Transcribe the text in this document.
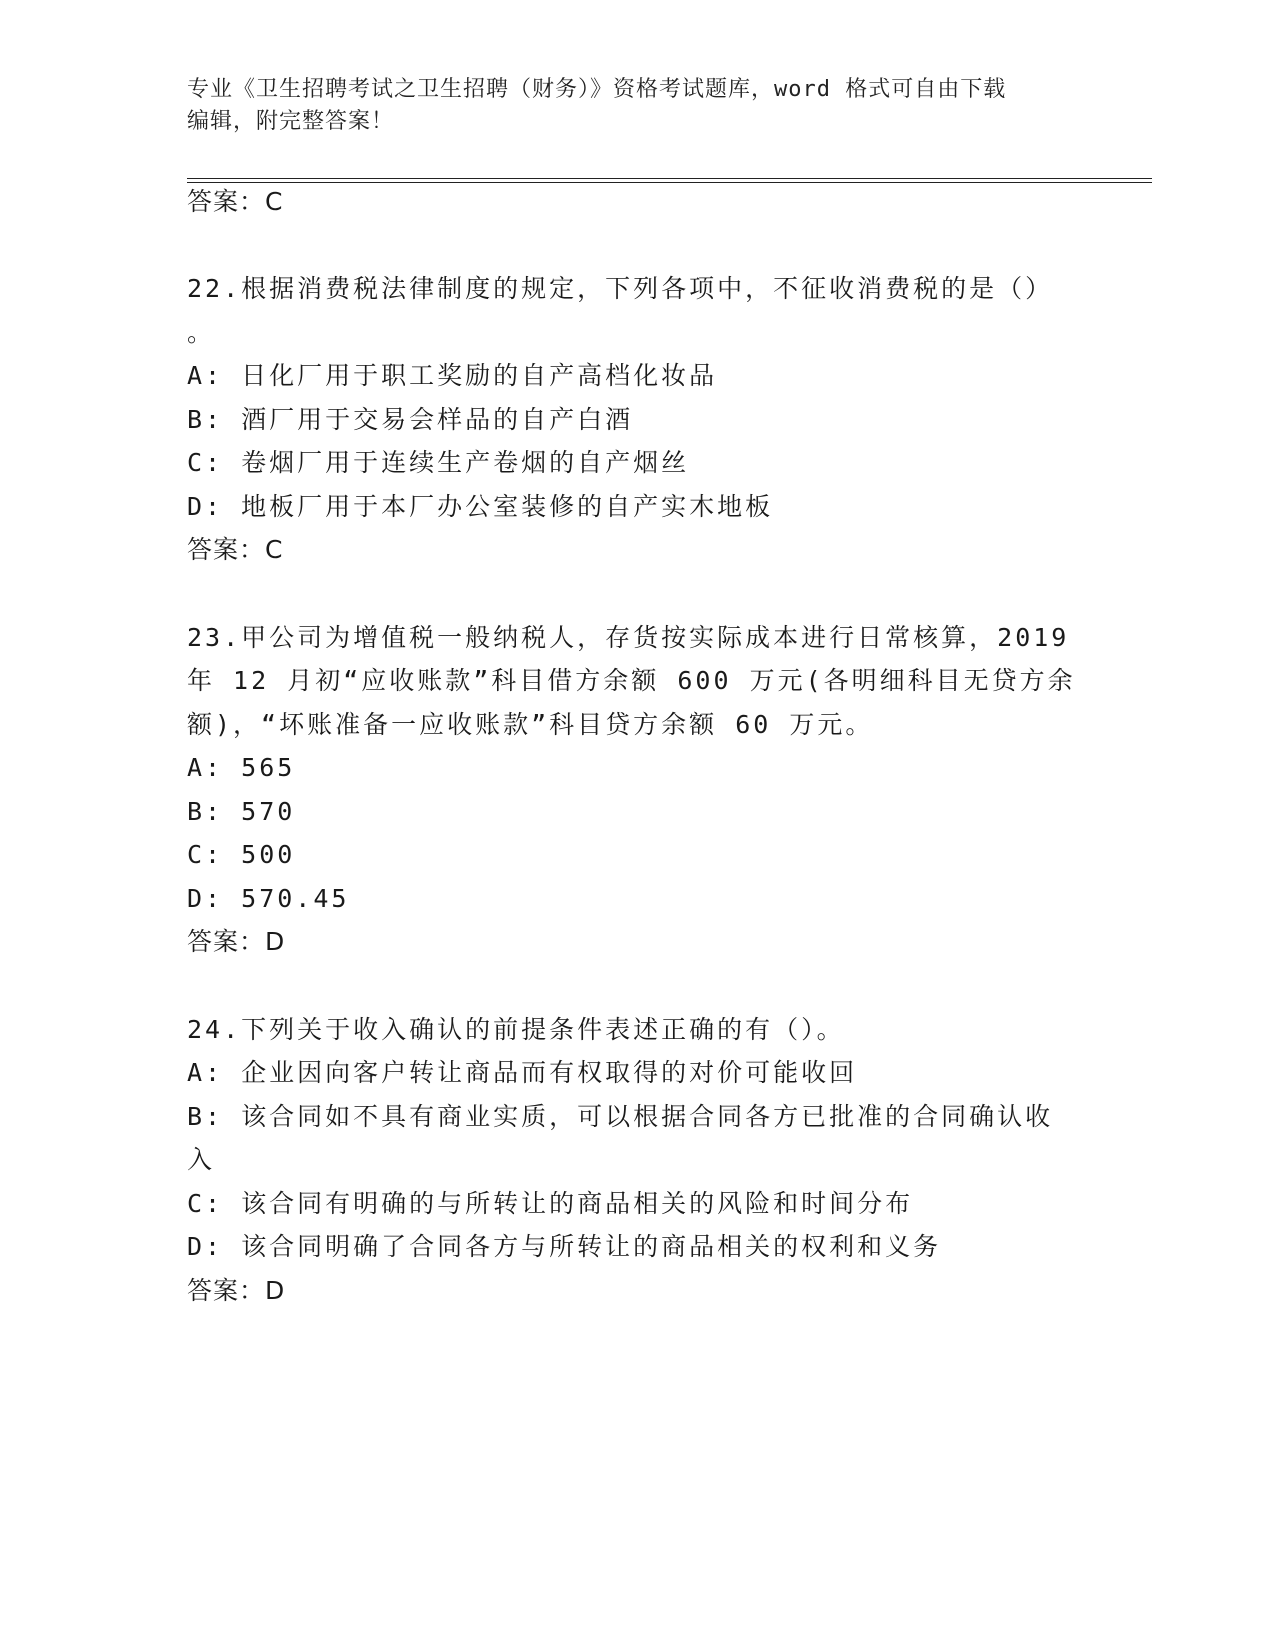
专业《卫生招聘考试之卫生招聘（财务）》资格考试题库，word 格式可自由下载
编辑，附完整答案！
答案：C
22.根据消费税法律制度的规定，下列各项中，不征收消费税的是（）
。
A: 日化厂用于职工奖励的自产高档化妆品
B: 酒厂用于交易会样品的自产白酒
C: 卷烟厂用于连续生产卷烟的自产烟丝
D: 地板厂用于本厂办公室装修的自产实木地板
答案：C
23.甲公司为增值税一般纳税人，存货按实际成本进行日常核算，2019
年 12 月初“应收账款”科目借方余额 600 万元(各明细科目无贷方余
额)，“坏账准备一应收账款”科目贷方余额 60 万元。
A: 565
B: 570
C: 500
D: 570.45
答案：D
24.下列关于收入确认的前提条件表述正确的有（）。
A: 企业因向客户转让商品而有权取得的对价可能收回
B: 该合同如不具有商业实质，可以根据合同各方已批准的合同确认收
入
C: 该合同有明确的与所转让的商品相关的风险和时间分布
D: 该合同明确了合同各方与所转让的商品相关的权利和义务
答案：D
